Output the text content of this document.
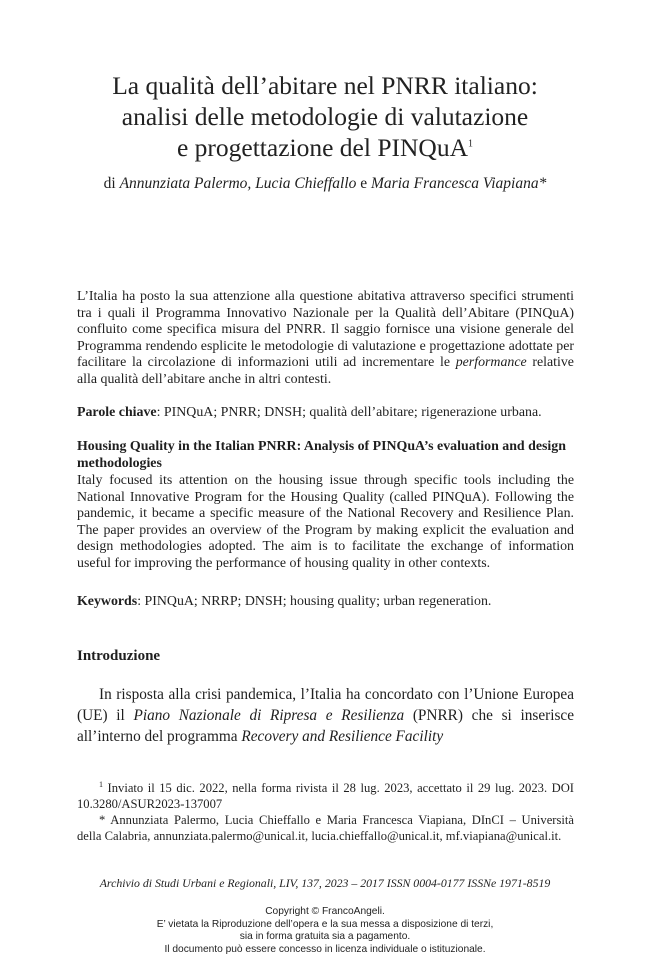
La qualità dell’abitare nel PNRR italiano:
analisi delle metodologie di valutazione
e progettazione del PINQuA$^1$
di Annunziata Palermo, Lucia Chieffallo e Maria Francesca Viapiana*
L’Italia ha posto la sua attenzione alla questione abitativa attraverso specifici strumenti tra i quali il Programma Innovativo Nazionale per la Qualità dell’Abitare (PINQuA) confluito come specifica misura del PNRR. Il saggio fornisce una visione generale del Programma rendendo esplicite le metodologie di valutazione e progettazione adottate per facilitare la circolazione di informazioni utili ad incrementare le performance relative alla qualità dell’abitare anche in altri contesti.
Parole chiave: PINQuA; PNRR; DNSH; qualità dell’abitare; rigenerazione urbana.
Housing Quality in the Italian PNRR: Analysis of PINQuA’s evaluation and design methodologies
Italy focused its attention on the housing issue through specific tools including the National Innovative Program for the Housing Quality (called PINQuA). Following the pandemic, it became a specific measure of the National Recovery and Resilience Plan. The paper provides an overview of the Program by making explicit the evaluation and design methodologies adopted. The aim is to facilitate the exchange of information useful for improving the performance of housing quality in other contexts.
Keywords: PINQuA; NRRP; DNSH; housing quality; urban regeneration.
Introduzione
In risposta alla crisi pandemica, l’Italia ha concordato con l’Unione Europea (UE) il Piano Nazionale di Ripresa e Resilienza (PNRR) che si inserisce all’interno del programma Recovery and Resilience Facility

$^1$ Inviato il 15 dic. 2022, nella forma rivista il 28 lug. 2023, accettato il 29 lug. 2023. DOI 10.3280/ASUR2023-137007

* Annunziata Palermo, Lucia Chieffallo e Maria Francesca Viapiana, DInCI – Università della Calabria, annunziata.palermo@unical.it, lucia.chieffallo@unical.it, mf.viapiana@unical.it.

Archivio di Studi Urbani e Regionali, LIV, 137, 2023 – 2017 ISSN 0004-0177 ISSNe 1971-8519
Copyright © FrancoAngeli.
E’ vietata la Riproduzione dell’opera e la sua messa a disposizione di terzi,
sia in forma gratuita sia a pagamento.
Il documento può essere concesso in licenza individuale o istituzionale.
